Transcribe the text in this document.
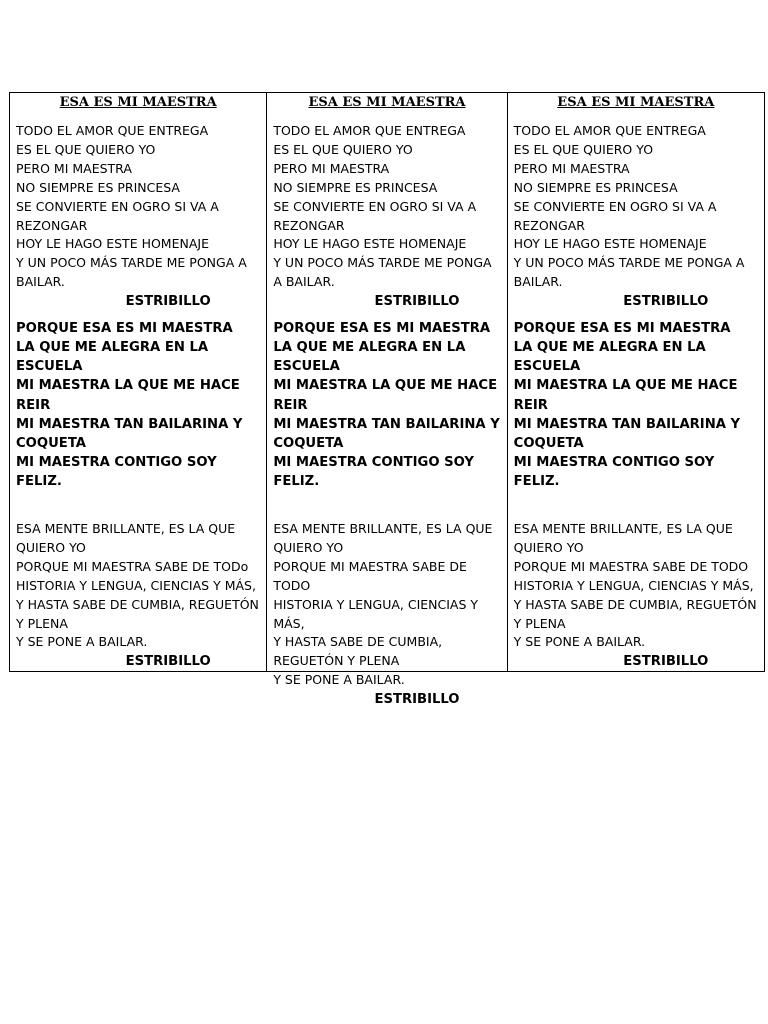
ESA ES MI MAESTRA
TODO EL AMOR QUE ENTREGA
ES EL QUE QUIERO YO
PERO MI MAESTRA
NO SIEMPRE ES PRINCESA
SE CONVIERTE EN OGRO SI VA A
REZONGAR
HOY LE HAGO ESTE HOMENAJE
Y UN POCO MÁS TARDE ME PONGA A
BAILAR.
ESTRIBILLO
PORQUE ESA ES MI MAESTRA
LA QUE ME ALEGRA EN LA ESCUELA
MI MAESTRA LA QUE ME HACE REIR
MI MAESTRA TAN BAILARINA Y
COQUETA
MI MAESTRA CONTIGO SOY FELIZ.
ESA MENTE BRILLANTE, ES LA QUE
QUIERO YO
PORQUE MI MAESTRA SABE DE TODo
HISTORIA Y LENGUA, CIENCIAS Y MÁS,
Y HASTA SABE DE CUMBIA, REGUETÓN
Y PLENA
Y SE PONE A BAILAR.
ESTRIBILLO
ESA ES MI MAESTRA
TODO EL AMOR QUE ENTREGA
ES EL QUE QUIERO YO
PERO MI MAESTRA
NO SIEMPRE ES PRINCESA
SE CONVIERTE EN OGRO SI VA A
REZONGAR
HOY LE HAGO ESTE HOMENAJE
Y UN POCO MÁS TARDE ME PONGA
A BAILAR.
ESTRIBILLO
PORQUE ESA ES MI MAESTRA
LA QUE ME ALEGRA EN LA ESCUELA
MI MAESTRA LA QUE ME HACE REIR
MI MAESTRA TAN BAILARINA Y
COQUETA
MI MAESTRA CONTIGO SOY FELIZ.
ESA MENTE BRILLANTE, ES LA QUE
QUIERO YO
PORQUE MI MAESTRA SABE DE
TODO
HISTORIA Y LENGUA, CIENCIAS Y
MÁS,
Y HASTA SABE DE CUMBIA,
REGUETÓN Y PLENA
Y SE PONE A BAILAR.
ESTRIBILLO
ESA ES MI MAESTRA
TODO EL AMOR QUE ENTREGA
ES EL QUE QUIERO YO
PERO MI MAESTRA
NO SIEMPRE ES PRINCESA
SE CONVIERTE EN OGRO SI VA A
REZONGAR
HOY LE HAGO ESTE HOMENAJE
Y UN POCO MÁS TARDE ME PONGA A
BAILAR.
ESTRIBILLO
PORQUE ESA ES MI MAESTRA
LA QUE ME ALEGRA EN LA ESCUELA
MI MAESTRA LA QUE ME HACE REIR
MI MAESTRA TAN BAILARINA Y
COQUETA
MI MAESTRA CONTIGO SOY FELIZ.
ESA MENTE BRILLANTE, ES LA QUE
QUIERO YO
PORQUE MI MAESTRA SABE DE TODO
HISTORIA Y LENGUA, CIENCIAS Y MÁS,
Y HASTA SABE DE CUMBIA, REGUETÓN
Y PLENA
Y SE PONE A BAILAR.
ESTRIBILLO
